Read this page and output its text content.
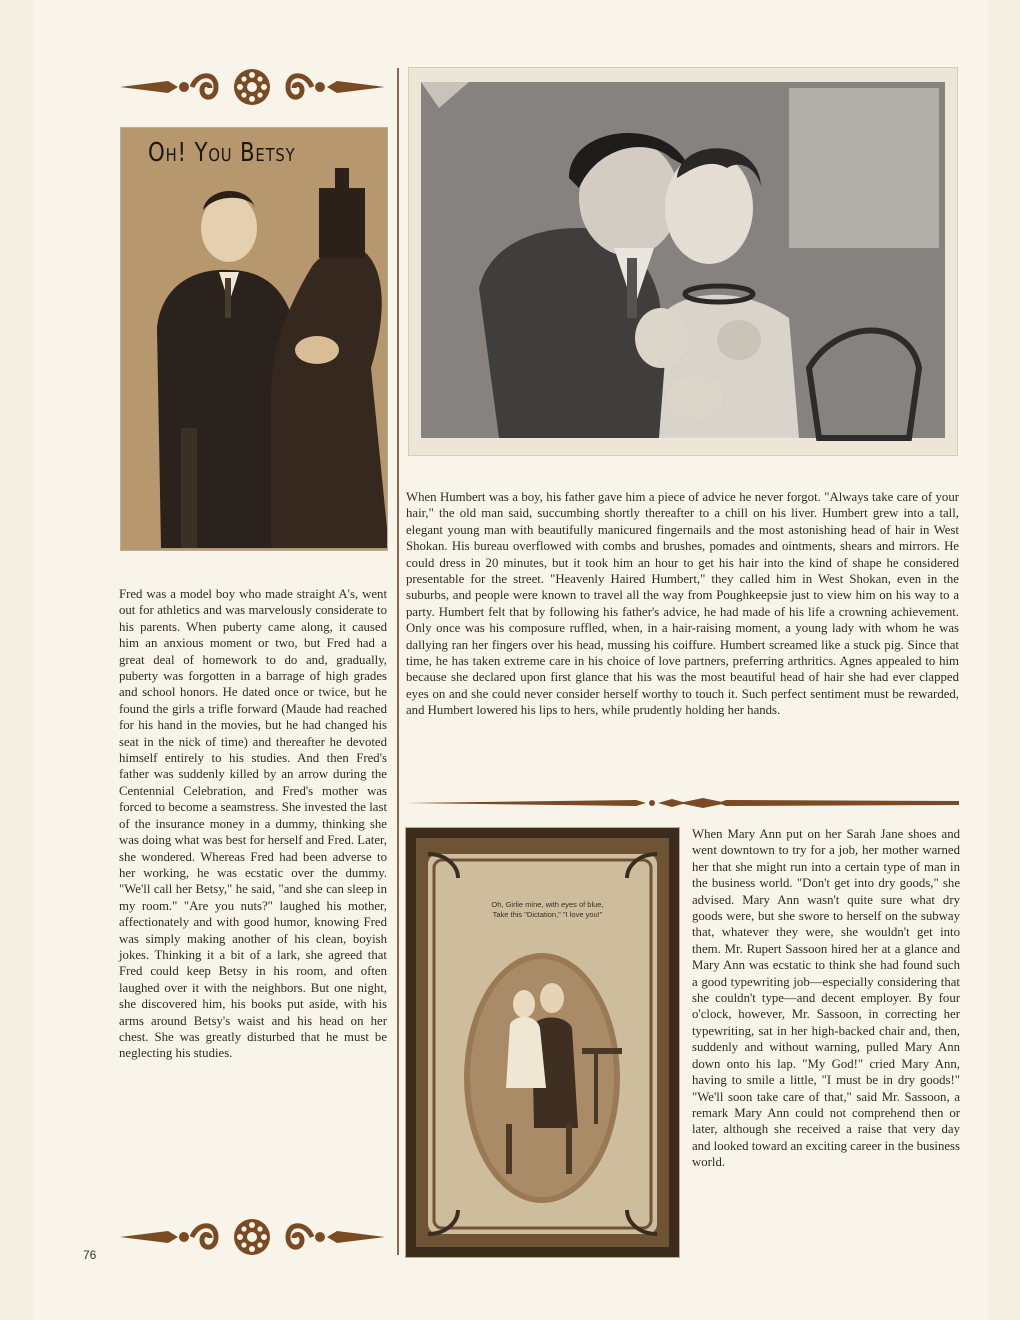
Oh! You Betsy
Oh, Girlie mine, with eyes of blue,
Take this "Dictation," "I love you!"
When Humbert was a boy, his father gave him a piece of advice he never forgot. "Always take care of your hair," the old man said, succumbing shortly thereafter to a chill on his liver. Humbert grew into a tall, elegant young man with beautifully manicured fingernails and the most astonishing head of hair in West Shokan. His bureau overflowed with combs and brushes, pomades and ointments, shears and mirrors. He could dress in 20 minutes, but it took him an hour to get his hair into the kind of shape he considered presentable for the street. "Heavenly Haired Humbert," they called him in West Shokan, even in the suburbs, and people were known to travel all the way from Poughkeepsie just to view him on his way to a party. Humbert felt that by following his father's advice, he had made of his life a crowning achievement. Only once was his composure ruffled, when, in a hair-raising moment, a young lady with whom he was dallying ran her fingers over his head, mussing his coiffure. Humbert screamed like a stuck pig. Since that time, he has taken extreme care in his choice of love partners, preferring arthritics. Agnes appealed to him because she declared upon first glance that his was the most beautiful head of hair she had ever clapped eyes on and she could never consider herself worthy to touch it. Such perfect sentiment must be rewarded, and Humbert lowered his lips to hers, while prudently holding her hands.
Fred was a model boy who made straight A's, went out for athletics and was marvelously considerate to his parents. When puberty came along, it caused him an anxious moment or two, but Fred had a great deal of homework to do and, gradually, puberty was forgotten in a barrage of high grades and school honors. He dated once or twice, but he found the girls a trifle forward (Maude had reached for his hand in the movies, but he had changed his seat in the nick of time) and thereafter he devoted himself entirely to his studies. And then Fred's father was suddenly killed by an arrow during the Centennial Celebration, and Fred's mother was forced to become a seamstress. She invested the last of the insurance money in a dummy, thinking she was doing what was best for herself and Fred. Later, she wondered. Whereas Fred had been adverse to her working, he was ecstatic over the dummy. "We'll call her Betsy," he said, "and she can sleep in my room." "Are you nuts?" laughed his mother, affectionately and with good humor, knowing Fred was simply making another of his clean, boyish jokes. Thinking it a bit of a lark, she agreed that Fred could keep Betsy in his room, and often laughed over it with the neighbors. But one night, she discovered him, his books put aside, with his arms around Betsy's waist and his head on her chest. She was greatly disturbed that he must be neglecting his studies.
When Mary Ann put on her Sarah Jane shoes and went downtown to try for a job, her mother warned her that she might run into a certain type of man in the business world. "Don't get into dry goods," she advised. Mary Ann wasn't quite sure what dry goods were, but she swore to herself on the subway that, whatever they were, she wouldn't get into them. Mr. Rupert Sassoon hired her at a glance and Mary Ann was ecstatic to think she had found such a good typewriting job—especially considering that she couldn't type—and decent employer. By four o'clock, however, Mr. Sassoon, in correcting her typewriting, sat in her high-backed chair and, then, suddenly and without warning, pulled Mary Ann down onto his lap. "My God!" cried Mary Ann, having to smile a little, "I must be in dry goods!" "We'll soon take care of that," said Mr. Sassoon, a remark Mary Ann could not comprehend then or later, although she received a raise that very day and looked toward an exciting career in the business world.
76
